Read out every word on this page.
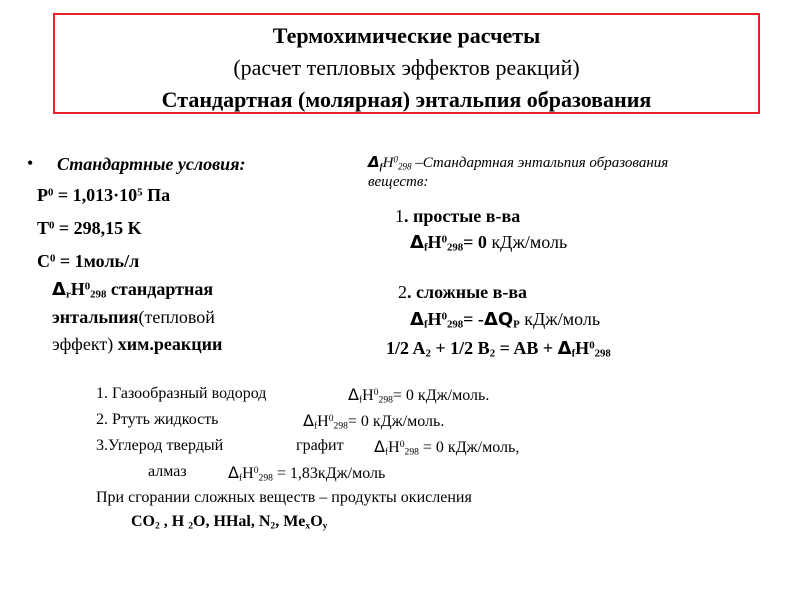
Термохимические расчеты
(расчет тепловых эффектов реакций)
Стандартная (молярная) энтальпия образования
• Стандартные условия:
$P^0 = 1,013\cdot 10^5$ Па
$T^0 = 298,15$ K
$C^0$ = 1моль/л
$\Delta_rH^0_{298}$ стандартная
энтальпия(тепловой
эффект) хим.реакции
$\Delta_fH^0_{298}$ –Стандартная энтальпия образования
веществ:
1. простые в-ва
$\Delta_fH^0_{298}= 0$ кДж/моль
2. сложные в-ва
$\Delta_fH^0_{298}= -\Delta Q_P$ кДж/моль
1/2 $A_2 + 1/2$ $B_2$ = AB + $\Delta_fH^0_{298}$
1. Газообразный водород	$\Delta_fH^0_{298}= 0$ кДж/моль.
2. Ртуть жидкость	$\Delta_fH^0_{298}= 0$ кДж/моль.
3.Углерод твердый	графит $\Delta_fH^0_{298} = 0$ кДж/моль,
алмаз	$\Delta_fH^0_{298}$ = 1,83кДж/моль
При сгорании сложных веществ – продукты окисления
$CO_2$ , H $_2$O, HHal, $N_2$, $Me_xO_y$
